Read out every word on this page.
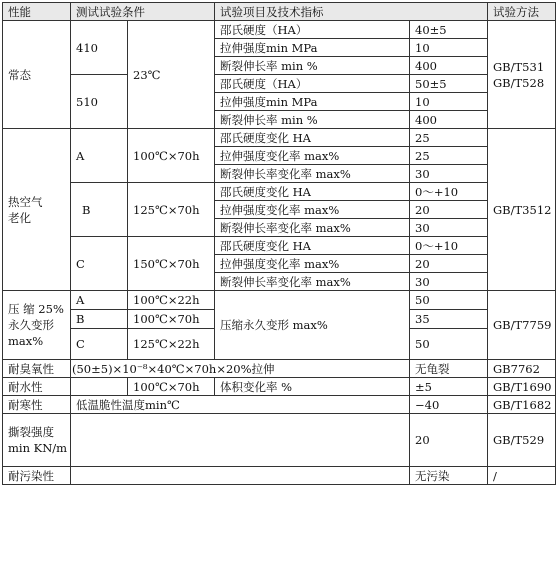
性能	测试试验条件		试验项目及技术指标		试验方法
常态	410	23℃	邵氏硬度（HA）	40±5	GB/T531
GB/T528
			拉伸强度min MPa	10	
			断裂伸长率 min %	400	
	510		邵氏硬度（HA）	50±5	
			拉伸强度min MPa	10	
			断裂伸长率 min %	400	
热空气
老化	A	100℃×70h	邵氏硬度变化 HA	25	GB/T3512
			拉伸强度变化率 max%	25	
			断裂伸长率变化率 max%	30	
	B	125℃×70h	邵氏硬度变化 HA	0～+10	
			拉伸强度变化率 max%	20	
			断裂伸长率变化率 max%	30	
	C	150℃×70h	邵氏硬度变化 HA	0～+10	
			拉伸强度变化率 max%	20	
			断裂伸长率变化率 max%	30	
压 缩 25%
永久变形
max%	A	100℃×22h	压缩永久变形 max%	50	GB/T7759
	B	100℃×70h		35	
	C	125℃×22h		50	
耐臭氧性	(50±5)×10⁻⁸×40℃×70h×20%拉伸			无龟裂	GB7762
耐水性		100℃×70h	体积变化率 %	±5	GB/T1690
耐寒性	低温脆性温度min℃			−40	GB/T1682
撕裂强度
min KN/m				20	GB/T529
耐污染性				无污染	/
